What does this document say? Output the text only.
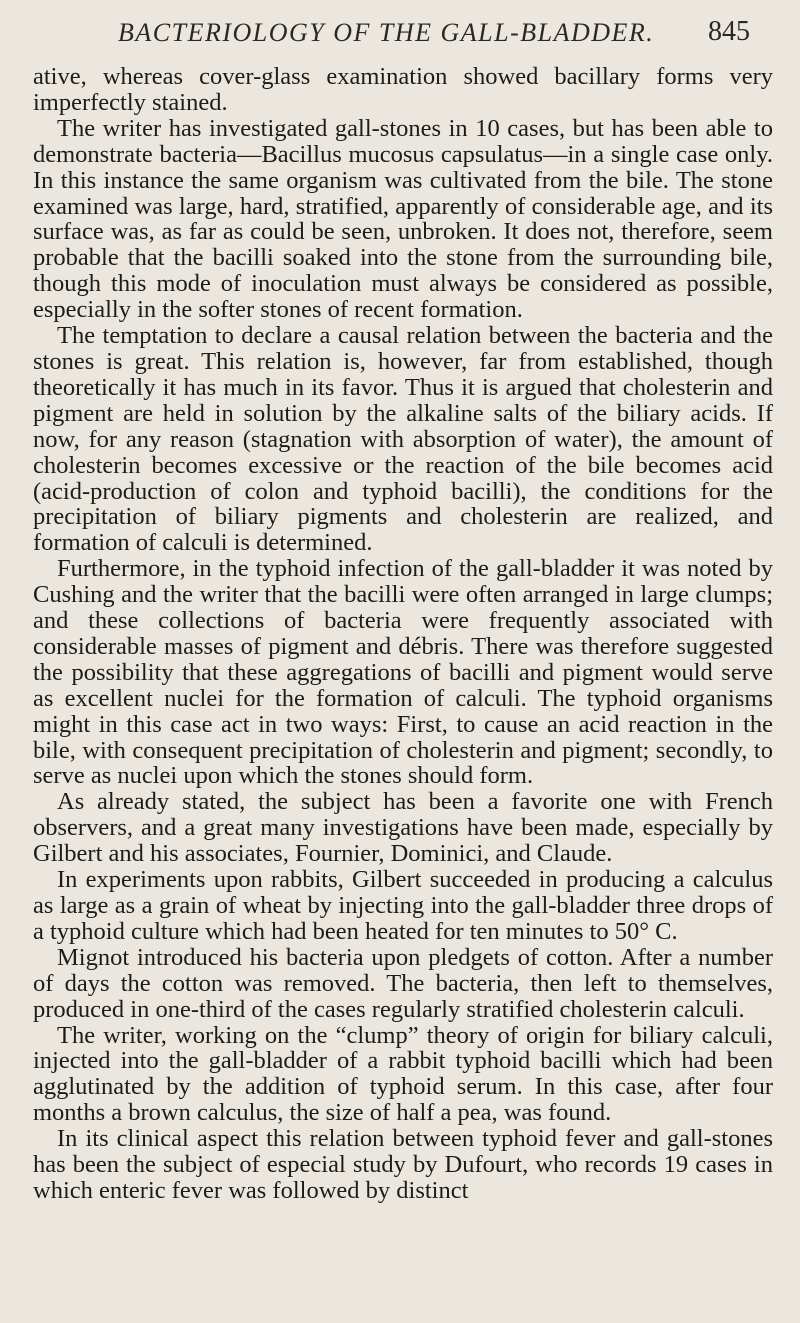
BACTERIOLOGY OF THE GALL-BLADDER.	845

ative, whereas cover-glass examination showed bacillary forms very imperfectly stained.

The writer has investigated gall-stones in 10 cases, but has been able to demonstrate bacteria—Bacillus mucosus capsulatus—in a single case only. In this instance the same organism was cultivated from the bile. The stone examined was large, hard, stratified, apparently of considerable age, and its surface was, as far as could be seen, unbroken. It does not, therefore, seem probable that the bacilli soaked into the stone from the surrounding bile, though this mode of inoculation must always be considered as possible, especially in the softer stones of recent formation.

The temptation to declare a causal relation between the bacteria and the stones is great. This relation is, however, far from established, though theoretically it has much in its favor. Thus it is argued that cholesterin and pigment are held in solution by the alkaline salts of the biliary acids. If now, for any reason (stagnation with absorption of water), the amount of cholesterin becomes excessive or the reaction of the bile becomes acid (acid-production of colon and typhoid bacilli), the conditions for the precipitation of biliary pigments and cholesterin are realized, and formation of calculi is determined.

Furthermore, in the typhoid infection of the gall-bladder it was noted by Cushing and the writer that the bacilli were often arranged in large clumps; and these collections of bacteria were frequently associated with considerable masses of pigment and débris. There was therefore suggested the possibility that these aggregations of bacilli and pigment would serve as excellent nuclei for the formation of calculi. The typhoid organisms might in this case act in two ways: First, to cause an acid reaction in the bile, with consequent precipitation of cholesterin and pigment; secondly, to serve as nuclei upon which the stones should form.

As already stated, the subject has been a favorite one with French observers, and a great many investigations have been made, especially by Gilbert and his associates, Fournier, Dominici, and Claude.

In experiments upon rabbits, Gilbert succeeded in producing a calculus as large as a grain of wheat by injecting into the gall-bladder three drops of a typhoid culture which had been heated for ten minutes to 50° C.

Mignot introduced his bacteria upon pledgets of cotton. After a number of days the cotton was removed. The bacteria, then left to themselves, produced in one-third of the cases regularly stratified cholesterin calculi.

The writer, working on the “clump” theory of origin for biliary calculi, injected into the gall-bladder of a rabbit typhoid bacilli which had been agglutinated by the addition of typhoid serum. In this case, after four months a brown calculus, the size of half a pea, was found.

In its clinical aspect this relation between typhoid fever and gall-stones has been the subject of especial study by Dufourt, who records 19 cases in which enteric fever was followed by distinct
